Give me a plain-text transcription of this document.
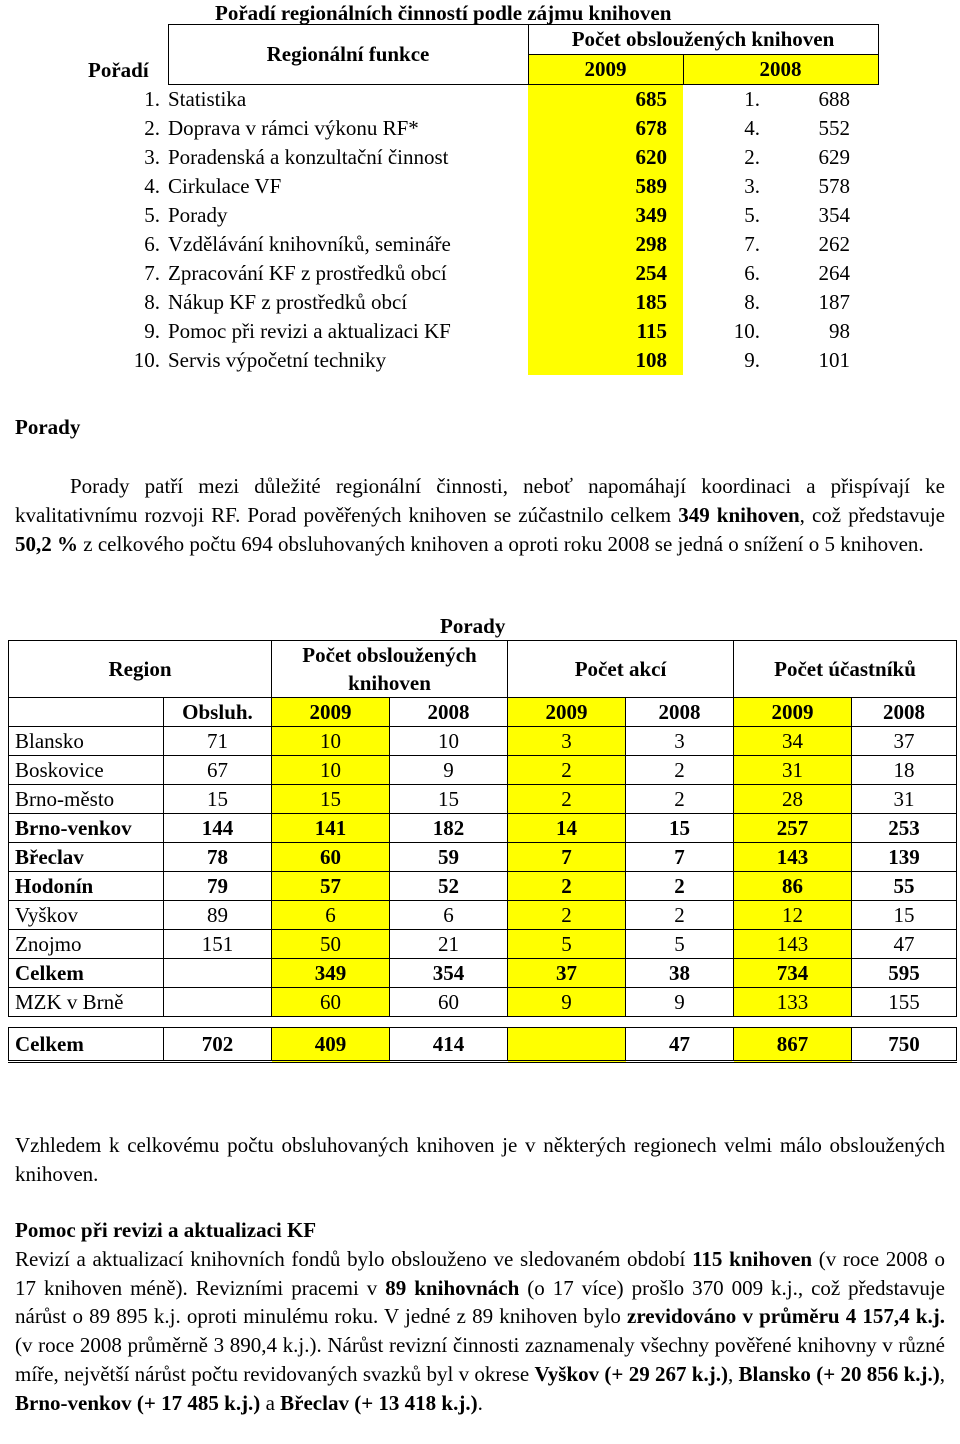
Pořadí regionálních činností podle zájmu knihoven
Pořadí	Regionální funkce	Počet obsloužených knihoven	
		2009	2008
1.	Statistika	685	1. 688

2.	Doprava v rámci výkonu RF*	678	4. 552

3.	Poradenská a konzultační činnost	620	2. 629

4.	Cirkulace VF	589	3. 578

5.	Porady	349	5. 354

6.	Vzdělávání knihovníků, semináře	298	7. 262

7.	Zpracování KF z prostředků obcí	254	6. 264

8.	Nákup KF z prostředků obcí	185	8. 187

9.	Pomoc při revizi a aktualizaci KF	115	10. 98

10.	Servis výpočetní techniky	108	9. 101
Porady
Porady patří mezi důležité regionální činnosti, neboť napomáhají koordinaci a přispívají ke kvalitativnímu rozvoji RF. Porad pověřených knihoven se zúčastnilo celkem 349 knihoven, což představuje 50,2 % z celkového počtu 694 obsluhovaných knihoven a oproti roku 2008 se jedná o snížení o 5 knihoven.
Porady
Region		Počet obsloužených knihoven		Počet akcí		Počet účastníků	
	Obsluh.	2009	2008	2009	2008	2009	2008
Blansko	71	10	10	3	3	34	37
Boskovice	67	10	9	2	2	31	18
Brno-město	15	15	15	2	2	28	31
Brno-venkov	144	141	182	14	15	257	253
Břeclav	78	60	59	7	7	143	139
Hodonín	79	57	52	2	2	86	55
Vyškov	89	6	6	2	2	12	15
Znojmo	151	50	21	5	5	143	47
Celkem		349	354	37	38	734	595
MZK v Brně		60	60	9	9	133	155

Celkem	702	409	414		47	867	750
Vzhledem k celkovému počtu obsluhovaných knihoven je v některých regionech velmi málo obsloužených knihoven.
Pomoc při revizi a aktualizaci KF
Revizí a aktualizací knihovních fondů bylo obslouženo ve sledovaném období 115 knihoven (v roce 2008 o 17 knihoven méně). Revizními pracemi v 89 knihovnách (o 17 více) prošlo 370 009 k.j., což představuje nárůst o 89 895 k.j. oproti minulému roku. V jedné z 89 knihoven bylo zrevidováno v průměru 4 157,4 k.j. (v roce 2008 průměrně 3 890,4 k.j.). Nárůst revizní činnosti zaznamenaly všechny pověřené knihovny v různé míře, největší nárůst počtu revidovaných svazků byl v okrese Vyškov (+ 29 267 k.j.), Blansko (+ 20 856 k.j.), Brno-venkov (+ 17 485 k.j.) a Břeclav (+ 13 418 k.j.).
